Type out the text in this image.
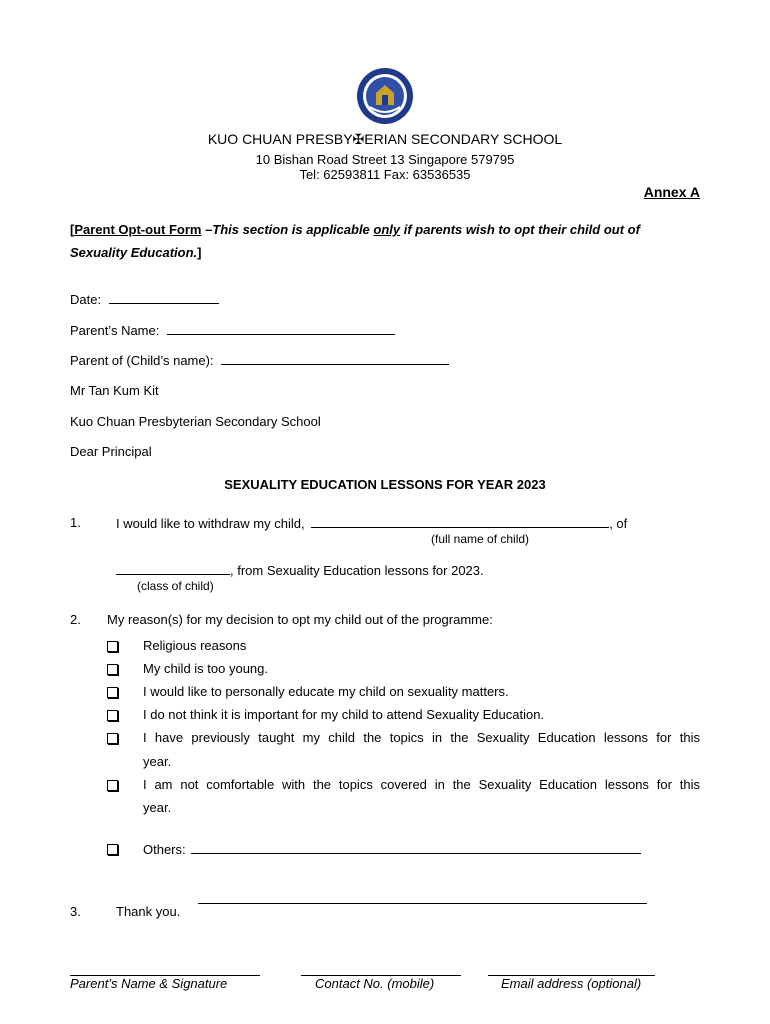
KUO CHUAN PRESBY✠ERIAN SECONDARY SCHOOL
10 Bishan Road Street 13 Singapore 579795
Tel: 62593811 Fax: 63536535
Annex A
[Parent Opt-out Form –This section is applicable only if parents wish to opt their child out of
Sexuality Education.]
Date:
Parent’s Name:
Parent of (Child’s name):
Mr Tan Kum Kit
Kuo Chuan Presbyterian Secondary School
Dear Principal
SEXUALITY EDUCATION LESSONS FOR YEAR 2023
1.	I would like to withdraw my child,	, of
(full name of child)
, from Sexuality Education lessons for 2023.
(class of child)
2. My reason(s) for my decision to opt my child out of the programme:
Religious reasons
My child is too young.
I would like to personally educate my child on sexuality matters.
I do not think it is important for my child to attend Sexuality Education.
I have previously taught my child the topics in the Sexuality Education lessons for this
year.
I am not comfortable with the topics covered in the Sexuality Education lessons for this
year.
Others:
3.	Thank you.
Parent’s Name & Signature	Contact No. (mobile)	Email address (optional)
